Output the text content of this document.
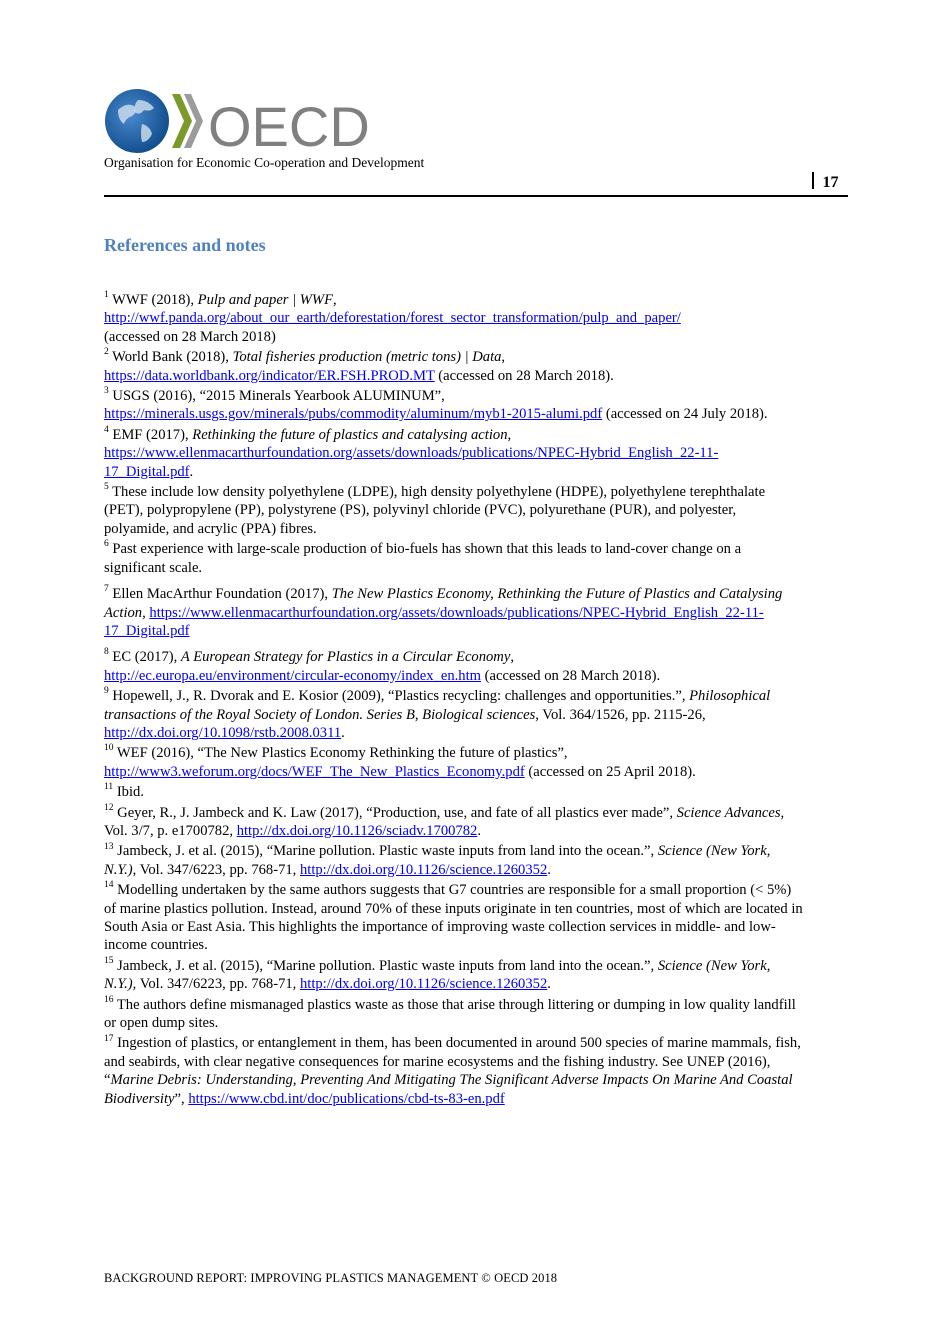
OECD
Organisation for Economic Co-operation and Development
17
References and notes
$^1$ WWF (2018), Pulp and paper | WWF,
http://wwf.panda.org/about_our_earth/deforestation/forest_sector_transformation/pulp_and_paper/
(accessed on 28 March 2018)
$^2$ World Bank (2018), Total fisheries production (metric tons) | Data,
https://data.worldbank.org/indicator/ER.FSH.PROD.MT (accessed on 28 March 2018).
$^3$ USGS (2016), “2015 Minerals Yearbook ALUMINUM”,
https://minerals.usgs.gov/minerals/pubs/commodity/aluminum/myb1-2015-alumi.pdf (accessed on 24 July 2018).
$^4$ EMF (2017), Rethinking the future of plastics and catalysing action,
https://www.ellenmacarthurfoundation.org/assets/downloads/publications/NPEC-Hybrid_English_22-11-17_Digital.pdf.
$^5$ These include low density polyethylene (LDPE), high density polyethylene (HDPE), polyethylene terephthalate (PET), polypropylene (PP), polystyrene (PS), polyvinyl chloride (PVC), polyurethane (PUR), and polyester, polyamide, and acrylic (PPA) fibres.
$^6$ Past experience with large-scale production of bio-fuels has shown that this leads to land-cover change on a significant scale.
$^7$ Ellen MacArthur Foundation (2017), The New Plastics Economy, Rethinking the Future of Plastics and Catalysing Action, https://www.ellenmacarthurfoundation.org/assets/downloads/publications/NPEC-Hybrid_English_22-11-17_Digital.pdf
$^8$ EC (2017), A European Strategy for Plastics in a Circular Economy,
http://ec.europa.eu/environment/circular-economy/index_en.htm (accessed on 28 March 2018).
$^9$ Hopewell, J., R. Dvorak and E. Kosior (2009), “Plastics recycling: challenges and opportunities.”, Philosophical transactions of the Royal Society of London. Series B, Biological sciences, Vol. 364/1526, pp. 2115-26, http://dx.doi.org/10.1098/rstb.2008.0311.
$^{10}$ WEF (2016), “The New Plastics Economy Rethinking the future of plastics”,
http://www3.weforum.org/docs/WEF_The_New_Plastics_Economy.pdf (accessed on 25 April 2018).
$^{11}$ Ibid.
$^{12}$ Geyer, R., J. Jambeck and K. Law (2017), “Production, use, and fate of all plastics ever made”, Science Advances, Vol. 3/7, p. e1700782, http://dx.doi.org/10.1126/sciadv.1700782.
$^{13}$ Jambeck, J. et al. (2015), “Marine pollution. Plastic waste inputs from land into the ocean.”, Science (New York, N.Y.), Vol. 347/6223, pp. 768-71, http://dx.doi.org/10.1126/science.1260352.
$^{14}$ Modelling undertaken by the same authors suggests that G7 countries are responsible for a small proportion (< 5%) of marine plastics pollution. Instead, around 70% of these inputs originate in ten countries, most of which are located in South Asia or East Asia. This highlights the importance of improving waste collection services in middle- and low-income countries.
$^{15}$ Jambeck, J. et al. (2015), “Marine pollution. Plastic waste inputs from land into the ocean.”, Science (New York, N.Y.), Vol. 347/6223, pp. 768-71, http://dx.doi.org/10.1126/science.1260352.
$^{16}$ The authors define mismanaged plastics waste as those that arise through littering or dumping in low quality landfill or open dump sites.
$^{17}$ Ingestion of plastics, or entanglement in them, has been documented in around 500 species of marine mammals, fish, and seabirds, with clear negative consequences for marine ecosystems and the fishing industry. See UNEP (2016), “Marine Debris: Understanding, Preventing And Mitigating The Significant Adverse Impacts On Marine And Coastal Biodiversity”, https://www.cbd.int/doc/publications/cbd-ts-83-en.pdf
BACKGROUND REPORT: IMPROVING PLASTICS MANAGEMENT © OECD 2018
